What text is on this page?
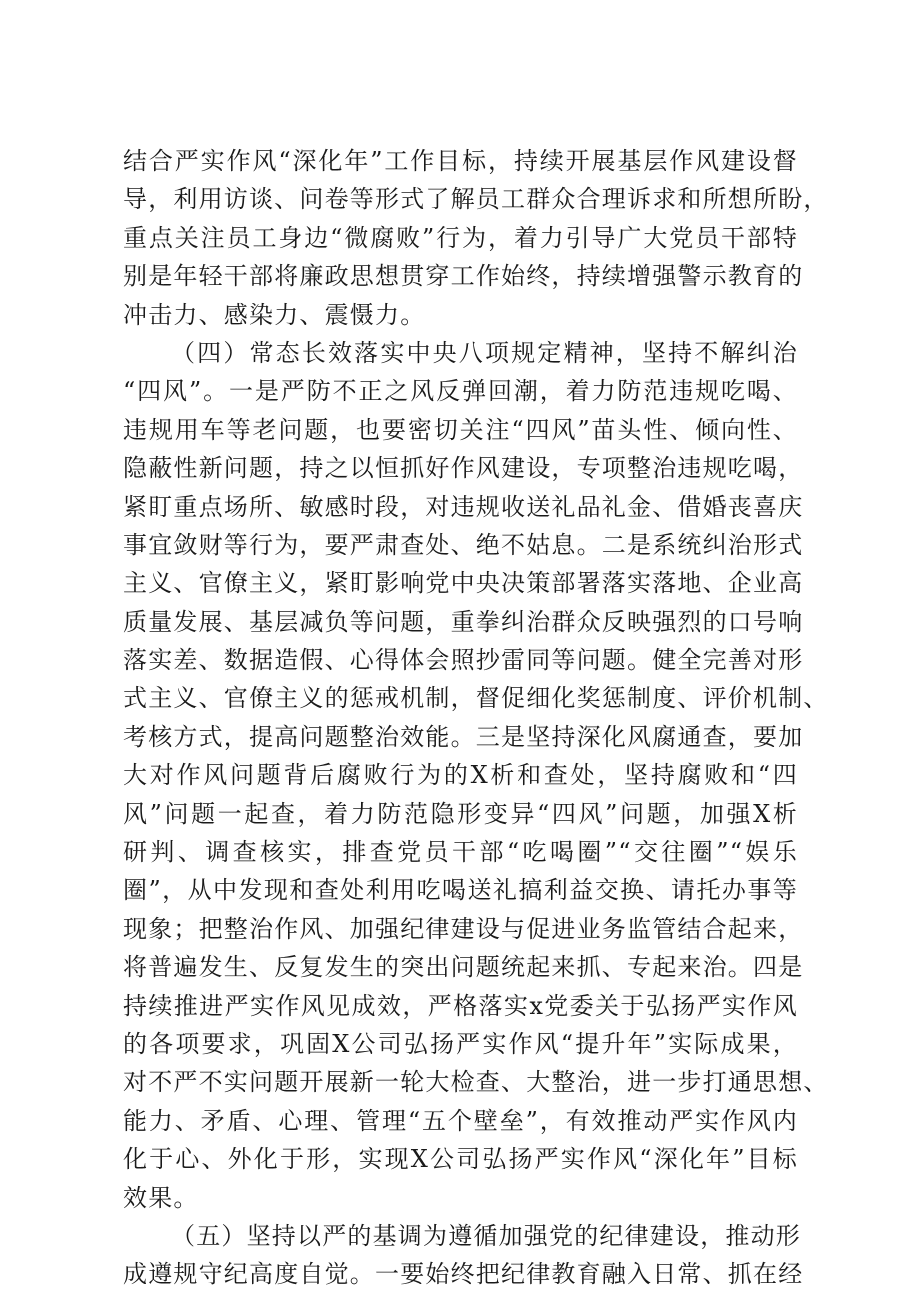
结合严实作风“深化年”工作目标，持续开展基层作风建设督
导，利用访谈、问卷等形式了解员工群众合理诉求和所想所盼，
重点关注员工身边“微腐败”行为，着力引导广大党员干部特
别是年轻干部将廉政思想贯穿工作始终，持续增强警示教育的
冲击力、感染力、震慑力。
（四）常态长效落实中央八项规定精神，坚持不解纠治
“四风”。一是严防不正之风反弹回潮，着力防范违规吃喝、
违规用车等老问题，也要密切关注“四风”苗头性、倾向性、
隐蔽性新问题，持之以恒抓好作风建设，专项整治违规吃喝，
紧盯重点场所、敏感时段，对违规收送礼品礼金、借婚丧喜庆
事宜敛财等行为，要严肃查处、绝不姑息。二是系统纠治形式
主义、官僚主义，紧盯影响党中央决策部署落实落地、企业高
质量发展、基层减负等问题，重拳纠治群众反映强烈的口号响
落实差、数据造假、心得体会照抄雷同等问题。健全完善对形
式主义、官僚主义的惩戒机制，督促细化奖惩制度、评价机制、
考核方式，提高问题整治效能。三是坚持深化风腐通查，要加
大对作风问题背后腐败行为的X析和查处，坚持腐败和“四
风”问题一起查，着力防范隐形变异“四风”问题，加强X析
研判、调查核实，排查党员干部“吃喝圈”“交往圈”“娱乐
圈”，从中发现和查处利用吃喝送礼搞利益交换、请托办事等
现象；把整治作风、加强纪律建设与促进业务监管结合起来，
将普遍发生、反复发生的突出问题统起来抓、专起来治。四是
持续推进严实作风见成效，严格落实x党委关于弘扬严实作风
的各项要求，巩固X公司弘扬严实作风“提升年”实际成果，
对不严不实问题开展新一轮大检查、大整治，进一步打通思想、
能力、矛盾、心理、管理“五个壁垒”，有效推动严实作风内
化于心、外化于形，实现X公司弘扬严实作风“深化年”目标
效果。
（五）坚持以严的基调为遵循加强党的纪律建设，推动形
成遵规守纪高度自觉。一要始终把纪律教育融入日常、抓在经
